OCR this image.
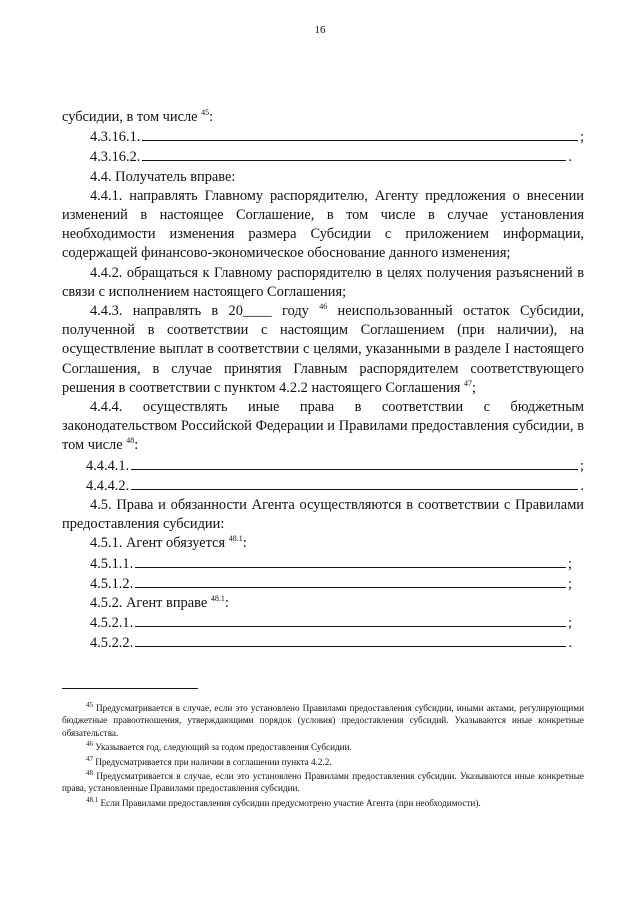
16

субсидии, в том числе $^{45}$:

4.3.16.1.	;
4.3.16.2.	.

4.4. Получатель вправе:

4.4.1. направлять Главному распорядителю, Агенту предложения о внесении изменений в настоящее Соглашение, в том числе в случае установления необходимости изменения размера Субсидии с приложением информации, содержащей финансово-экономическое обоснование данного изменения;

4.4.2. обращаться к Главному распорядителю в целях получения разъяснений в связи с исполнением настоящего Соглашения;

4.4.3. направлять в 20____ году $^{46}$ неиспользованный остаток Субсидии, полученной в соответствии с настоящим Соглашением (при наличии), на осуществление выплат в соответствии с целями, указанными в разделе I настоящего Соглашения, в случае принятия Главным распорядителем соответствующего решения в соответствии с пунктом 4.2.2 настоящего Соглашения $^{47}$;

4.4.4. осуществлять иные права в соответствии с бюджетным законодательством Российской Федерации и Правилами предоставления субсидии, в том числе $^{48}$:

4.4.4.1.	;
4.4.4.2.	.

4.5. Права и обязанности Агента осуществляются в соответствии с Правилами предоставления субсидии:

4.5.1. Агент обязуется $^{48.1}$:

4.5.1.1.	;
4.5.1.2.	;

4.5.2. Агент вправе $^{48.1}$:

4.5.2.1.	;
4.5.2.2.	.

$^{45}$ Предусматривается в случае, если это установлено Правилами предоставления субсидии, иными актами, регулирующими бюджетные правоотношения, утверждающими порядок (условия) предоставления субсидий. Указываются иные конкретные обязательства.

$^{46}$ Указывается год, следующий за годом предоставления Субсидии.

$^{47}$ Предусматривается при наличии в соглашении пункта 4.2.2.

$^{48}$ Предусматривается в случае, если это установлено Правилами предоставления субсидии. Указываются иные конкретные права, установленные Правилами предоставления субсидии.

$^{48.1}$ Если Правилами предоставления субсидии предусмотрено участие Агента (при необходимости).
